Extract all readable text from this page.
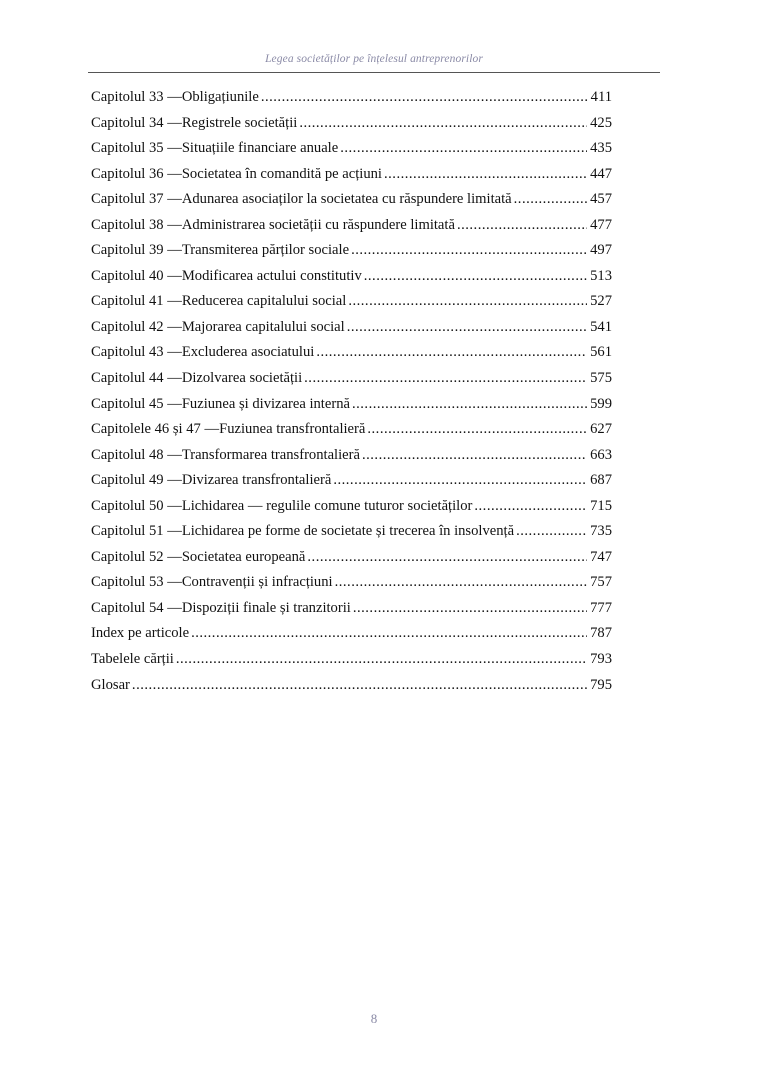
Legea societăților pe înțelesul antreprenorilor
Capitolul 33 — Obligațiunile .....	411
Capitolul 34 — Registrele societății .....	425
Capitolul 35 — Situațiile financiare anuale .....	435
Capitolul 36 — Societatea în comandită pe acțiuni .....	447
Capitolul 37 — Adunarea asociaților la societatea cu răspundere limitată .....	457
Capitolul 38 — Administrarea societății cu răspundere limitată .....	477
Capitolul 39 — Transmiterea părților sociale .....	497
Capitolul 40 — Modificarea actului constitutiv .....	513
Capitolul 41 — Reducerea capitalului social .....	527
Capitolul 42 — Majorarea capitalului social .....	541
Capitolul 43 — Excluderea asociatului .....	561
Capitolul 44 — Dizolvarea societății .....	575
Capitolul 45 — Fuziunea și divizarea internă .....	599
Capitolele 46 și 47 — Fuziunea transfrontalieră .....	627
Capitolul 48 — Transformarea transfrontalieră .....	663
Capitolul 49 — Divizarea transfrontalieră .....	687
Capitolul 50 — Lichidarea — regulile comune tuturor societăților .....	715
Capitolul 51 — Lichidarea pe forme de societate și trecerea în insolvență .....	735
Capitolul 52 — Societatea europeană .....	747
Capitolul 53 — Contravenții și infracțiuni .....	757
Capitolul 54 — Dispoziții finale și tranzitorii .....	777
Index pe articole .....	787
Tabelele cărții .....	793
Glosar .....	795
8
